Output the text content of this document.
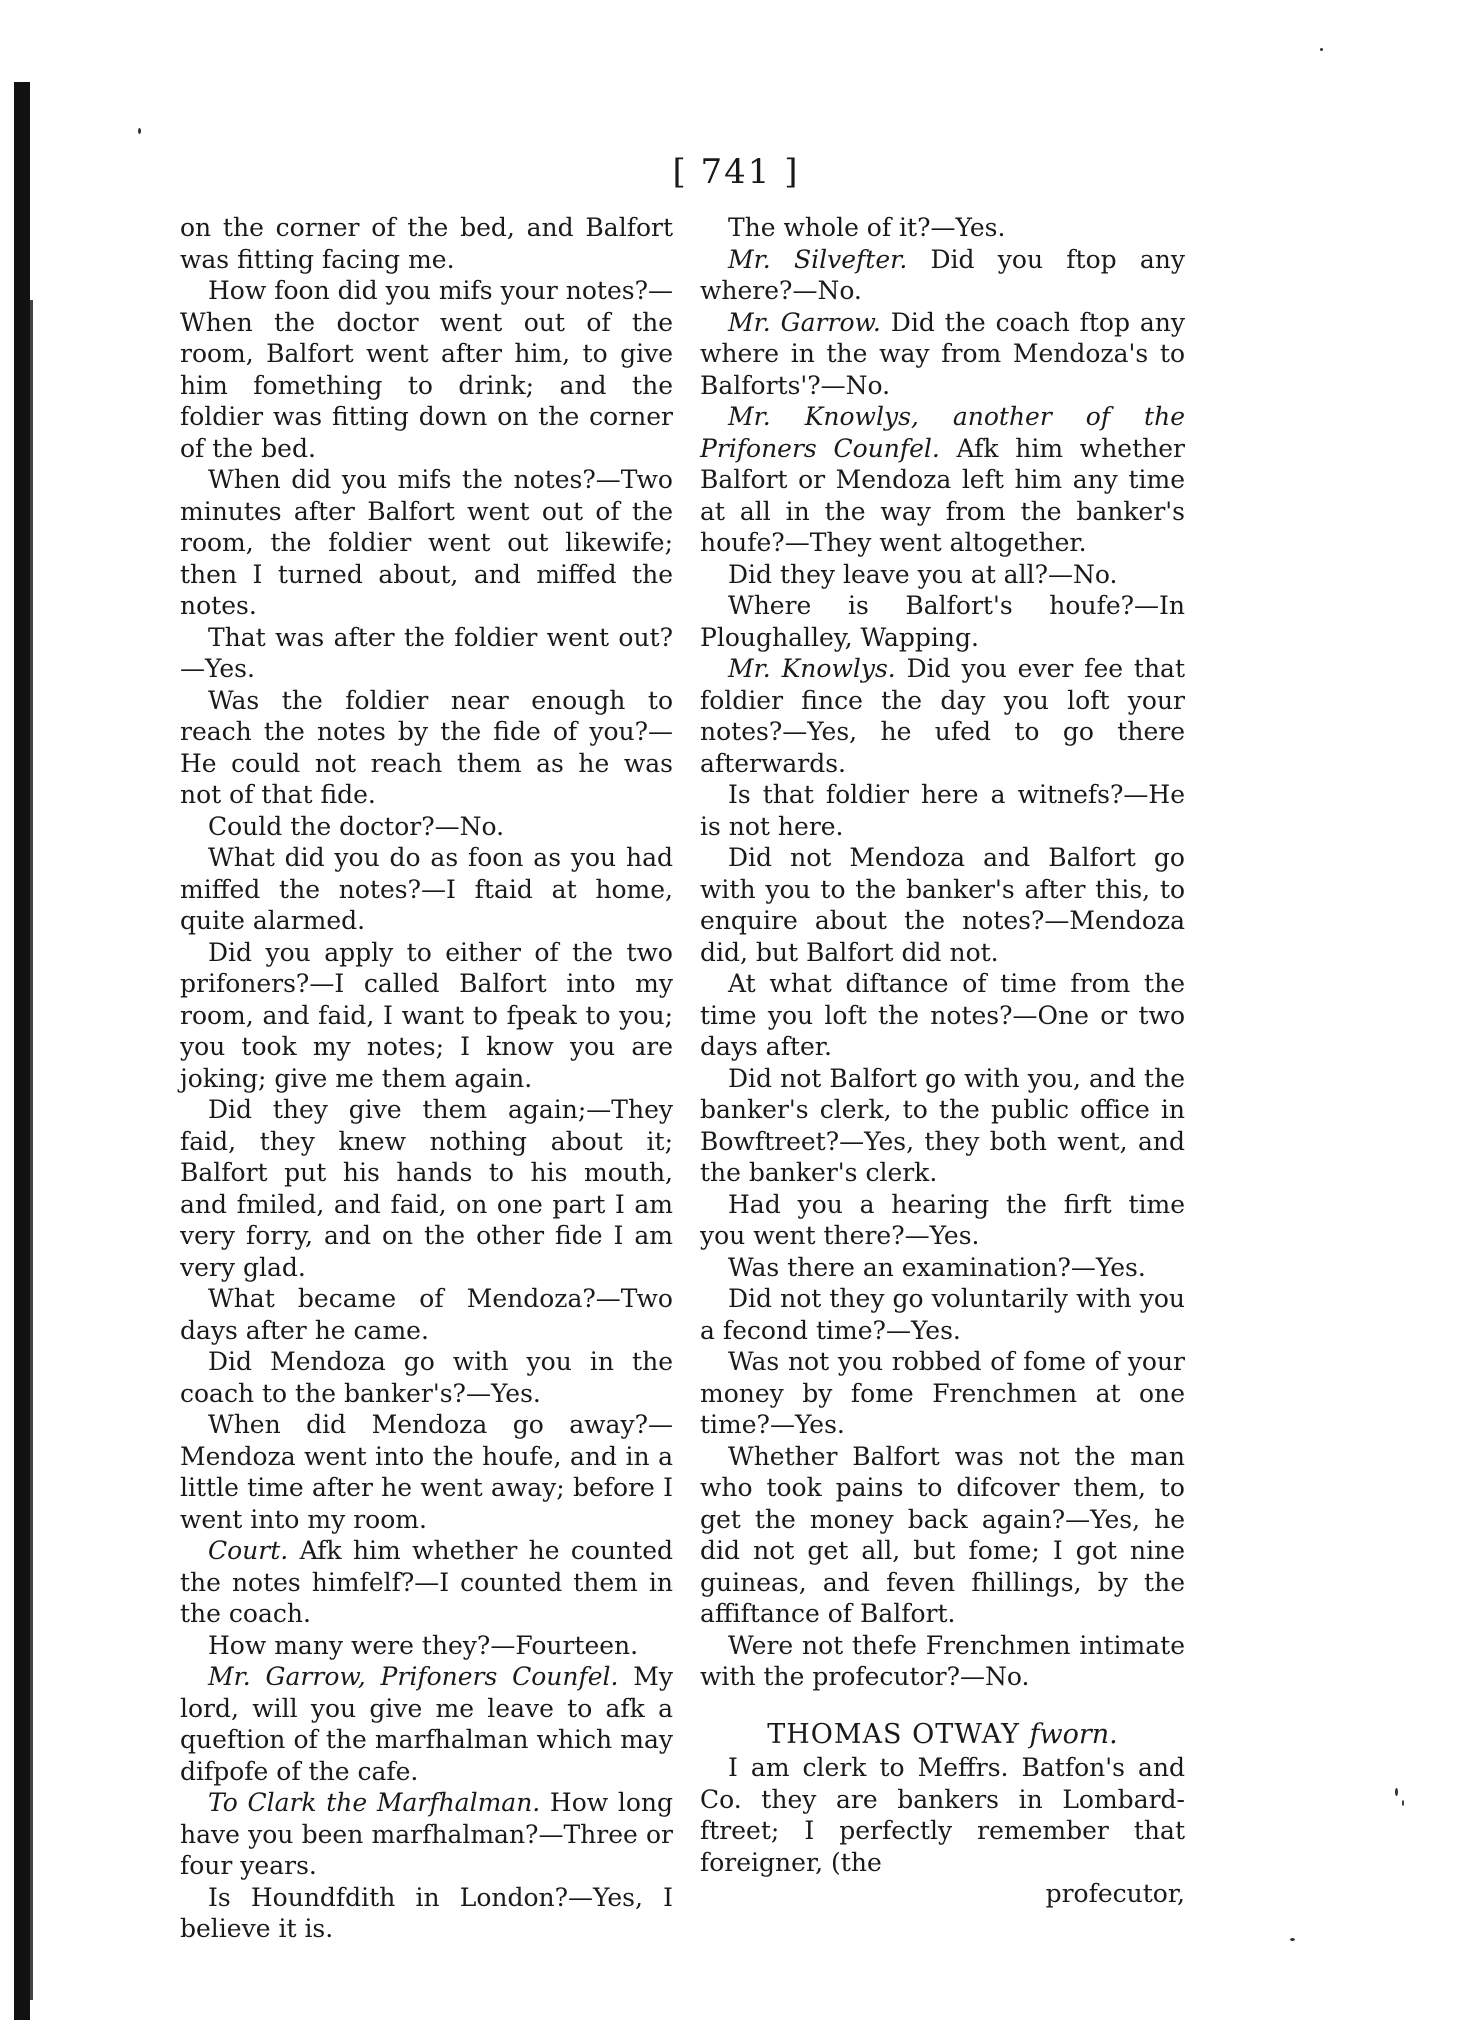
[ 741 ]

on the corner of the bed, and Balfort was fitting facing me.

How foon did you mifs your notes?—When the doctor went out of the room, Balfort went after him, to give him fomething to drink; and the foldier was fitting down on the corner of the bed.

When did you mifs the notes?—Two minutes after Balfort went out of the room, the foldier went out likewife; then I turned about, and miffed the notes.

That was after the foldier went out?—Yes.

Was the foldier near enough to reach the notes by the fide of you?—He could not reach them as he was not of that fide.

Could the doctor?—No.

What did you do as foon as you had miffed the notes?—I ftaid at home, quite alarmed.

Did you apply to either of the two prifoners?—I called Balfort into my room, and faid, I want to fpeak to you; you took my notes; I know you are joking; give me them again.

Did they give them again;—They faid, they knew nothing about it; Balfort put his hands to his mouth, and fmiled, and faid, on one part I am very forry, and on the other fide I am very glad.

What became of Mendoza?—Two days after he came.

Did Mendoza go with you in the coach to the banker's?—Yes.

When did Mendoza go away?—Mendoza went into the houfe, and in a little time after he went away; before I went into my room.

Court. Afk him whether he counted the notes himfelf?—I counted them in the coach.

How many were they?—Fourteen.

Mr. Garrow, Prifoners Counfel. My lord, will you give me leave to afk a queftion of the marfhalman which may difpofe of the cafe.

To Clark the Marfhalman. How long have you been marfhalman?—Three or four years.

Is Houndfdith in London?—Yes, I believe it is.

The whole of it?—Yes.

Mr. Silvefter. Did you ftop any where?—No.

Mr. Garrow. Did the coach ftop any where in the way from Mendoza's to Balforts'?—No.

Mr. Knowlys, another of the Prifoners Counfel. Afk him whether Balfort or Mendoza left him any time at all in the way from the banker's houfe?—They went altogether.

Did they leave you at all?—No.

Where is Balfort's houfe?—In Ploughalley, Wapping.

Mr. Knowlys. Did you ever fee that foldier fince the day you loft your notes?—Yes, he ufed to go there afterwards.

Is that foldier here a witnefs?—He is not here.

Did not Mendoza and Balfort go with you to the banker's after this, to enquire about the notes?—Mendoza did, but Balfort did not.

At what diftance of time from the time you loft the notes?—One or two days after.

Did not Balfort go with you, and the banker's clerk, to the public office in Bowftreet?—Yes, they both went, and the banker's clerk.

Had you a hearing the firft time you went there?—Yes.

Was there an examination?—Yes.

Did not they go voluntarily with you a fecond time?—Yes.

Was not you robbed of fome of your money by fome Frenchmen at one time?—Yes.

Whether Balfort was not the man who took pains to difcover them, to get the money back again?—Yes, he did not get all, but fome; I got nine guineas, and feven fhillings, by the affiftance of Balfort.

Were not thefe Frenchmen intimate with the profecutor?—No.

THOMAS OTWAY fworn.

I am clerk to Meffrs. Batfon's and Co. they are bankers in Lombard-ftreet; I perfectly remember that foreigner, (the

profecutor,
